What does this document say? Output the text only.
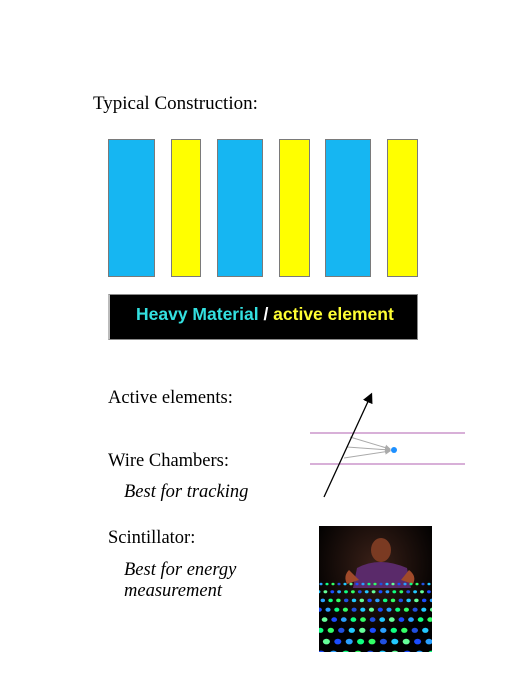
Typical Construction:
Heavy Material / active element
Active elements:
Wire Chambers:
Best for tracking
Scintillator:
Best for energy
measurement
